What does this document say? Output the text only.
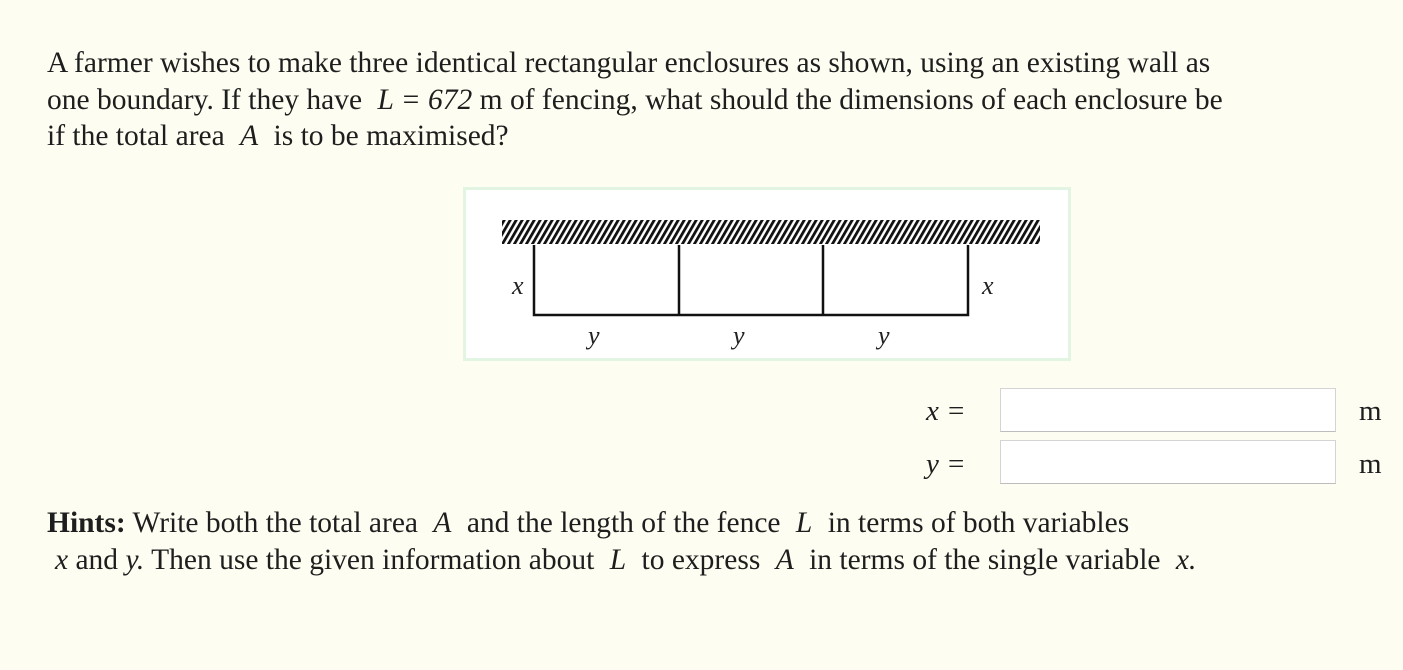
A farmer wishes to make three identical rectangular enclosures as shown, using an existing wall as one boundary. If they have L = 672 m of fencing, what should the dimensions of each enclosure be if the total area A is to be maximised?
x	x
y	y	y
x =	m
y =	m
Hints: Write both the total area A and the length of the fence L in terms of both variables
x and y. Then use the given information about L to express A in terms of the single variable x.
